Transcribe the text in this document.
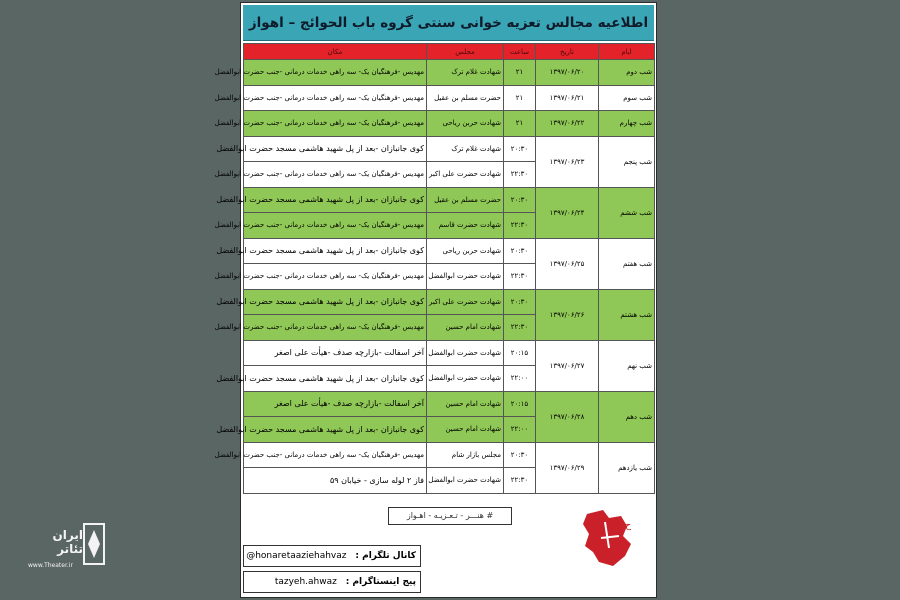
اطلاعیه مجالس تعزیه خوانی سنتی گروه باب الحوائج – اهواز
ایام	تاریخ	ساعت	مجلس	مکان
شب دوم	۱۳۹۷/۰۶/۲۰	۲۱	شهادت غلام ترک	مهدیس -فرهنگیان یک- سه راهی خدمات درمانی -جنب حضرت ابوالفضل
شب سوم	۱۳۹۷/۰۶/۲۱	۲۱	حضرت مسلم بن عقیل	مهدیس -فرهنگیان یک- سه راهی خدمات درمانی -جنب حضرت ابوالفضل
شب چهارم	۱۳۹۷/۰۶/۲۲	۲۱	شهادت حربن ریاحی	مهدیس -فرهنگیان یک- سه راهی خدمات درمانی -جنب حضرت ابوالفضل
شب پنجم	۱۳۹۷/۰۶/۲۳	۲۰:۳۰	شهادت غلام ترک	کوی جانبازان -بعد از پل شهید هاشمی مسجد حضرت ابوالفضل
		۲۲:۳۰	شهادت حضرت علی اکبر	مهدیس -فرهنگیان یک- سه راهی خدمات درمانی -جنب حضرت ابوالفضل
شب ششم	۱۳۹۷/۰۶/۲۴	۲۰:۳۰	حضرت مسلم بن عقیل	کوی جانبازان -بعد از پل شهید هاشمی مسجد حضرت ابوالفضل
		۲۲:۳۰	شهادت حضرت قاسم	مهدیس -فرهنگیان یک- سه راهی خدمات درمانی -جنب حضرت ابوالفضل
شب هفتم	۱۳۹۷/۰۶/۲۵	۲۰:۳۰	شهادت حربن ریاحی	کوی جانبازان -بعد از پل شهید هاشمی مسجد حضرت ابوالفضل
		۲۲:۳۰	شهادت حضرت ابوالفضل	مهدیس -فرهنگیان یک- سه راهی خدمات درمانی -جنب حضرت ابوالفضل
شب هشتم	۱۳۹۷/۰۶/۲۶	۲۰:۳۰	شهادت حضرت علی اکبر	کوی جانبازان -بعد از پل شهید هاشمی مسجد حضرت ابوالفضل
		۲۲:۳۰	شهادت امام حسین	مهدیس -فرهنگیان یک- سه راهی خدمات درمانی -جنب حضرت ابوالفضل
شب نهم	۱۳۹۷/۰۶/۲۷	۲۰:۱۵	شهادت حضرت ابوالفضل	آخر اسفالت -بازارچه صدف -هیأت علی اصغر
		۲۲:۰۰	شهادت حضرت ابوالفضل	کوی جانبازان -بعد از پل شهید هاشمی مسجد حضرت ابوالفضل
شب دهم	۱۳۹۷/۰۶/۲۸	۲۰:۱۵	شهادت امام حسین	آخر اسفالت -بازارچه صدف -هیأت علی اصغر
		۲۲:۰۰	شهادت امام حسین	کوی جانبازان -بعد از پل شهید هاشمی مسجد حضرت ابوالفضل
شب یازدهم	۱۳۹۷/۰۶/۲۹	۲۰:۳۰	مجلس بازار شام	مهدیس -فرهنگیان یک- سه راهی خدمات درمانی -جنب حضرت ابوالفضل
		۲۲:۳۰	شهادت حضرت ابوالفضل	فاز ۲ لوله سازی - خیابان ۵۹
# هنـــر - تـعـزیـه - اهـواز
کانال تلگرام : @honaretaaziehahvaz
پیج اینستاگرام : tazyeh.ahwaz
ح
ایران تئاتر
www.Theater.ir
